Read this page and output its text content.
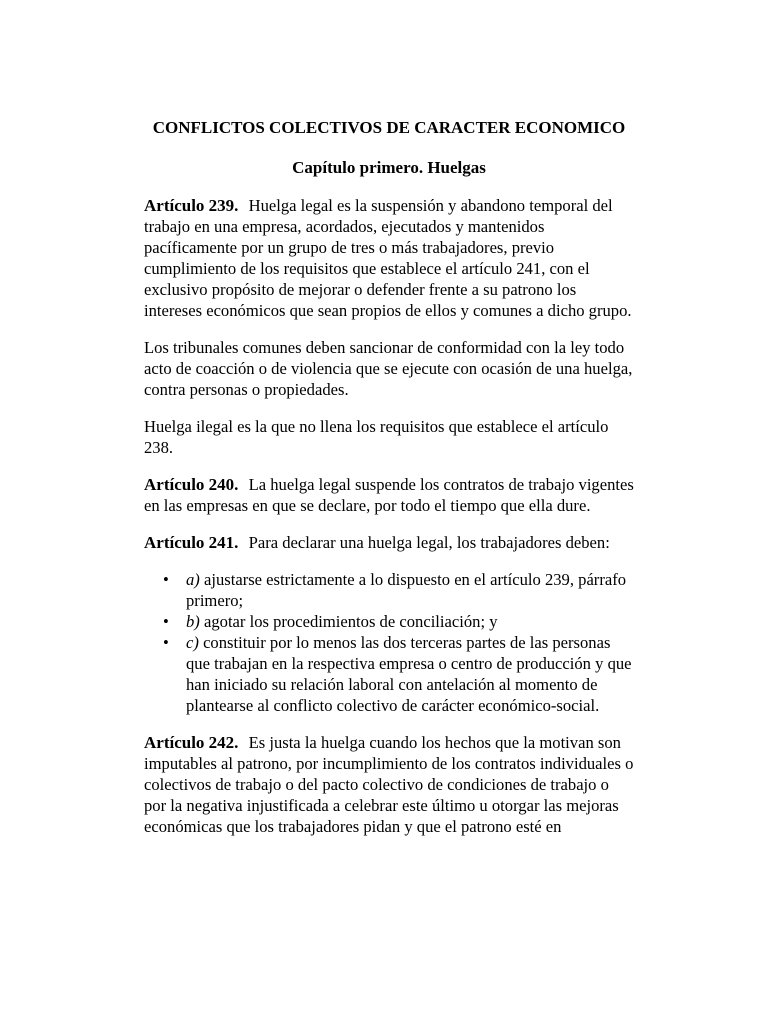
CONFLICTOS COLECTIVOS DE CARACTER ECONOMICO
Capítulo primero. Huelgas

Artículo 239. Huelga legal es la suspensión y abandono temporal del trabajo en una empresa, acordados, ejecutados y mantenidos pacíficamente por un grupo de tres o más trabajadores, previo cumplimiento de los requisitos que establece el artículo 241, con el exclusivo propósito de mejorar o defender frente a su patrono los intereses económicos que sean propios de ellos y comunes a dicho grupo.

Los tribunales comunes deben sancionar de conformidad con la ley todo acto de coacción o de violencia que se ejecute con ocasión de una huelga, contra personas o propiedades.

Huelga ilegal es la que no llena los requisitos que establece el artículo 238.

Artículo 240. La huelga legal suspende los contratos de trabajo vigentes en las empresas en que se declare, por todo el tiempo que ella dure.

Artículo 241. Para declarar una huelga legal, los trabajadores deben:

• a) ajustarse estrictamente a lo dispuesto en el artículo 239, párrafo primero;
• b) agotar los procedimientos de conciliación; y
• c) constituir por lo menos las dos terceras partes de las personas que trabajan en la respectiva empresa o centro de producción y que han iniciado su relación laboral con antelación al momento de plantearse al conflicto colectivo de carácter económico-social.

Artículo 242. Es justa la huelga cuando los hechos que la motivan son imputables al patrono, por incumplimiento de los contratos individuales o colectivos de trabajo o del pacto colectivo de condiciones de trabajo o por la negativa injustificada a celebrar este último u otorgar las mejoras económicas que los trabajadores pidan y que el patrono esté en
